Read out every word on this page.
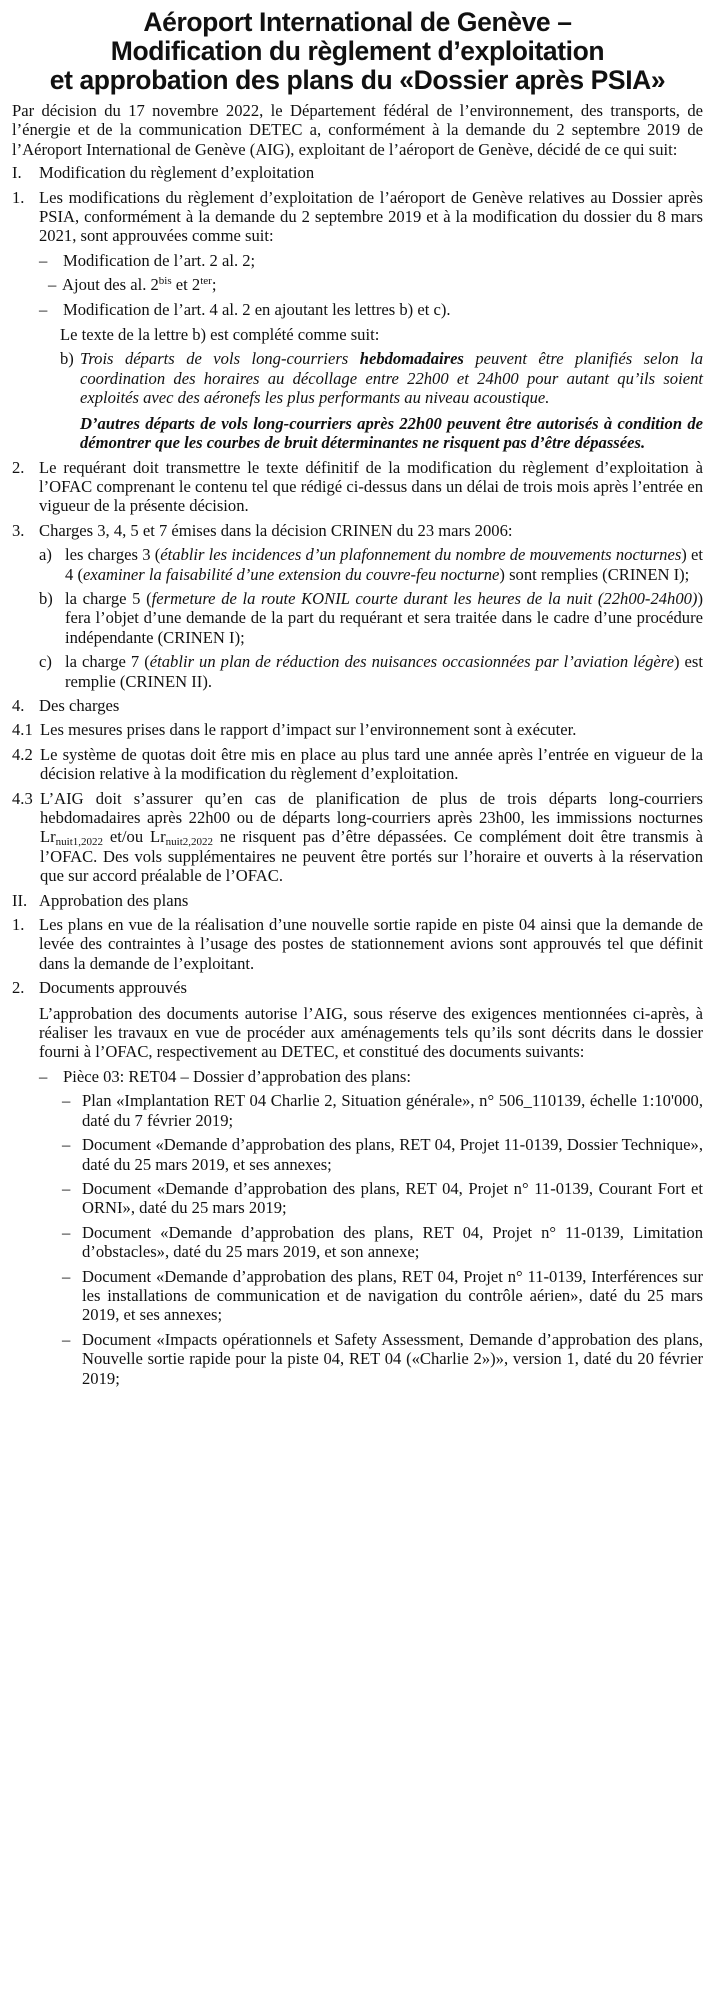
Aéroport International de Genève –
Modification du règlement d’exploitation
et approbation des plans du «Dossier après PSIA»

Par décision du 17 novembre 2022, le Département fédéral de l’environnement, des transports, de l’énergie et de la communication DETEC a, conformément à la demande du 2 septembre 2019 de l’Aéroport International de Genève (AIG), exploitant de l’aéroport de Genève, décidé de ce qui suit:

I.	Modification du règlement d’exploitation
1. Les modifications du règlement d’exploitation de l’aéroport de Genève relatives au Dossier après PSIA, conformément à la demande du 2 septembre 2019 et à la modification du dossier du 8 mars 2021, sont approuvées comme suit:
– Modification de l’art. 2 al. 2;
– Ajout des al. $2^{bis}$ et $2^{ter}$;
– Modification de l’art. 4 al. 2 en ajoutant les lettres b) et c).

Le texte de la lettre b) est complété comme suit:

b) Trois départs de vols long-courriers hebdomadaires peuvent être planifiés selon la coordination des horaires au décollage entre 22h00 et 24h00 pour autant qu’ils soient exploités avec des aéronefs les plus performants au niveau acoustique.

D’autres départs de vols long-courriers après 22h00 peuvent être autorisés à condition de démontrer que les courbes de bruit déterminantes ne risquent pas d’être dépassées.

2. Le requérant doit transmettre le texte définitif de la modification du règlement d’exploitation à l’OFAC comprenant le contenu tel que rédigé ci-dessus dans un délai de trois mois après l’entrée en vigueur de la présente décision.
3. Charges 3, 4, 5 et 7 émises dans la décision CRINEN du 23 mars 2006:
a) les charges 3 (établir les incidences d’un plafonnement du nombre de mouvements nocturnes) et 4 (examiner la faisabilité d’une extension du couvre-feu nocturne) sont remplies (CRINEN I);
b) la charge 5 (fermeture de la route KONIL courte durant les heures de la nuit (22h00-24h00)) fera l’objet d’une demande de la part du requérant et sera traitée dans le cadre d’une procédure indépendante (CRINEN I);
c) la charge 7 (établir un plan de réduction des nuisances occasionnées par l’aviation légère) est remplie (CRINEN II).
4. Des charges
4.1 Les mesures prises dans le rapport d’impact sur l’environnement sont à exécuter.
4.2 Le système de quotas doit être mis en place au plus tard une année après l’entrée en vigueur de la décision relative à la modification du règlement d’exploitation.
4.3 L’AIG doit s’assurer qu’en cas de planification de plus de trois départs long-courriers hebdomadaires après 22h00 ou de départs long-courriers après 23h00, les immissions nocturnes $Lr_{nuit1,2022}$ et/ou $Lr_{nuit2,2022}$ ne risquent pas d’être dépassées. Ce complément doit être transmis à l’OFAC. Des vols supplémentaires ne peuvent être portés sur l’horaire et ouverts à la réservation que sur accord préalable de l’OFAC.
II. Approbation des plans
1. Les plans en vue de la réalisation d’une nouvelle sortie rapide en piste 04 ainsi que la demande de levée des contraintes à l’usage des postes de stationnement avions sont approuvés tel que définit dans la demande de l’exploitant.
2. Documents approuvés

L’approbation des documents autorise l’AIG, sous réserve des exigences mentionnées ci-après, à réaliser les travaux en vue de procéder aux aménagements tels qu’ils sont décrits dans le dossier fourni à l’OFAC, respectivement au DETEC, et constitué des documents suivants:

– Pièce 03: RET04 – Dossier d’approbation des plans:
– Plan «Implantation RET 04 Charlie 2, Situation générale», n° 506_110139, échelle 1:10'000, daté du 7 février 2019;
– Document «Demande d’approbation des plans, RET 04, Projet 11-0139, Dossier Technique», daté du 25 mars 2019, et ses annexes;
– Document «Demande d’approbation des plans, RET 04, Projet n° 11-0139, Courant Fort et ORNI», daté du 25 mars 2019;
– Document «Demande d’approbation des plans, RET 04, Projet n° 11-0139, Limitation d’obstacles», daté du 25 mars 2019, et son annexe;
– Document «Demande d’approbation des plans, RET 04, Projet n° 11-0139, Interférences sur les installations de communication et de navigation du contrôle aérien», daté du 25 mars 2019, et ses annexes;
– Document «Impacts opérationnels et Safety Assessment, Demande d’approbation des plans, Nouvelle sortie rapide pour la piste 04, RET 04 («Charlie 2»)», version 1, daté du 20 février 2019;
